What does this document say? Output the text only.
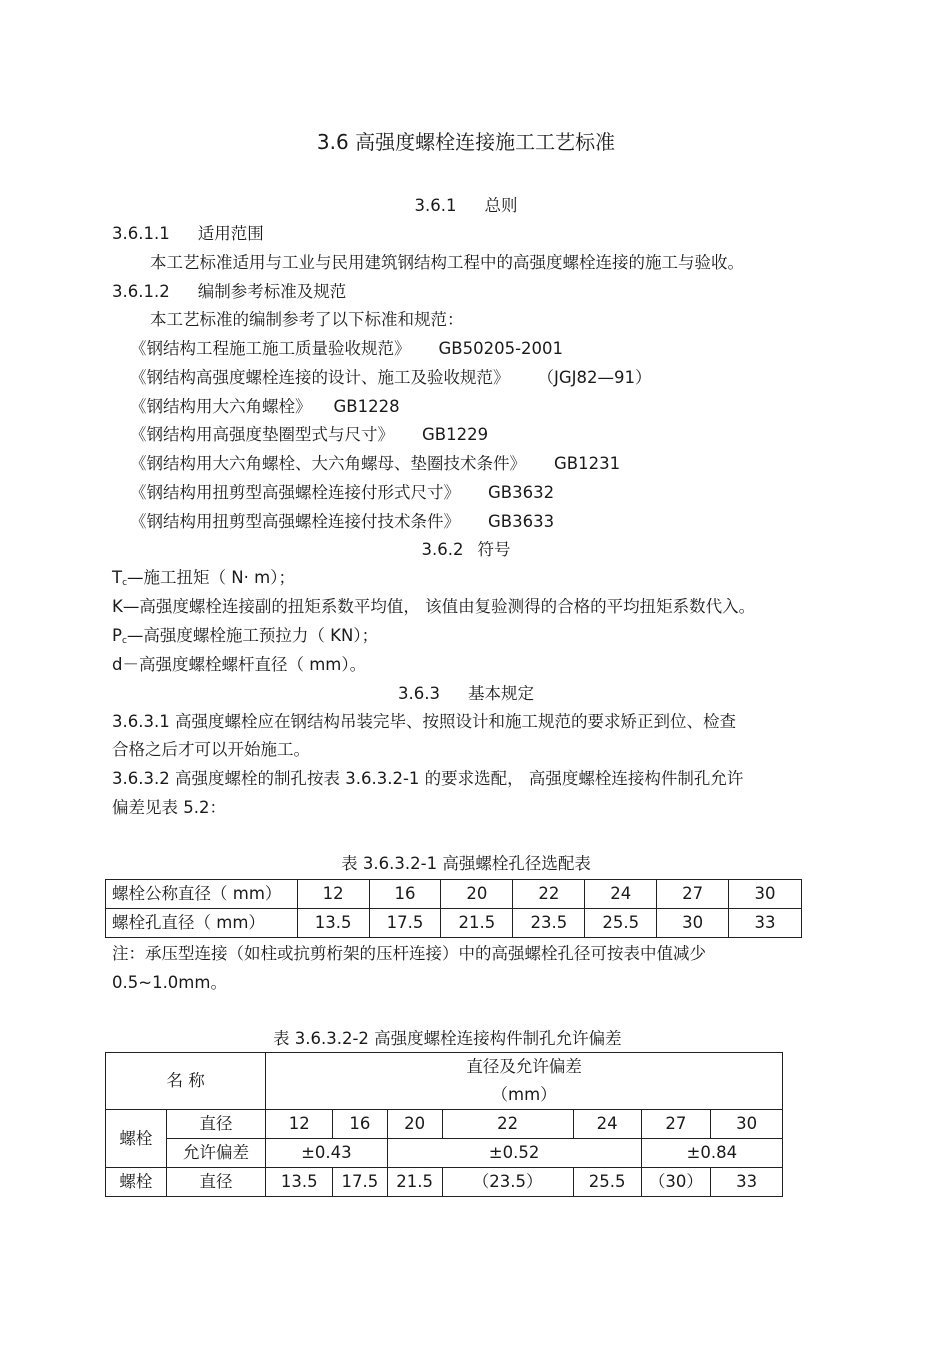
3.6 高强度螺栓连接施工工艺标准
3.6.1 总则
3.6.1.1 适用范围
本工艺标准适用与工业与民用建筑钢结构工程中的高强度螺栓连接的施工与验收。
3.6.1.2 编制参考标准及规范
本工艺标准的编制参考了以下标准和规范：
《钢结构工程施工施工质量验收规范》 GB50205-2001
《钢结构高强度螺栓连接的设计、施工及验收规范》 （JGJ82—91）
《钢结构用大六角螺栓》 GB1228
《钢结构用高强度垫圈型式与尺寸》 GB1229
《钢结构用大六角螺栓、大六角螺母、垫圈技术条件》 GB1231
《钢结构用扭剪型高强螺栓连接付形式尺寸》 GB3632
《钢结构用扭剪型高强螺栓连接付技术条件》 GB3633
3.6.2 符号
$T_c—$施工扭矩（ N· m）；
K—高强度螺栓连接副的扭矩系数平均值， 该值由复验测得的合格的平均扭矩系数代入。
$P_c—$高强度螺栓施工预拉力（ KN）；
d－高强度螺栓螺杆直径（ mm）。
3.6.3 基本规定
3.6.3.1 高强度螺栓应在钢结构吊装完毕、按照设计和施工规范的要求矫正到位、检查
合格之后才可以开始施工。
3.6.3.2 高强度螺栓的制孔按表 3.6.3.2-1 的要求选配， 高强度螺栓连接构件制孔允许
偏差见表 5.2：
表 3.6.3.2-1 高强螺栓孔径选配表
螺栓公称直径（ mm）	12	16	20	22	24	27	30
螺栓孔直径（ mm）	13.5	17.5	21.5	23.5	25.5	30	33
注：承压型连接（如柱或抗剪桁架的压杆连接）中的高强螺栓孔径可按表中值减少
0.5~1.0mm。
表 3.6.3.2-2 高强度螺栓连接构件制孔允许偏差
名 称		直径及允许偏差						
		（mm）						
螺栓	直径	12	16	20	22	24	27	30
	允许偏差	±0.43		±0.52			±0.84	
螺栓	直径	13.5	17.5	21.5	（23.5）	25.5	（30）	33
